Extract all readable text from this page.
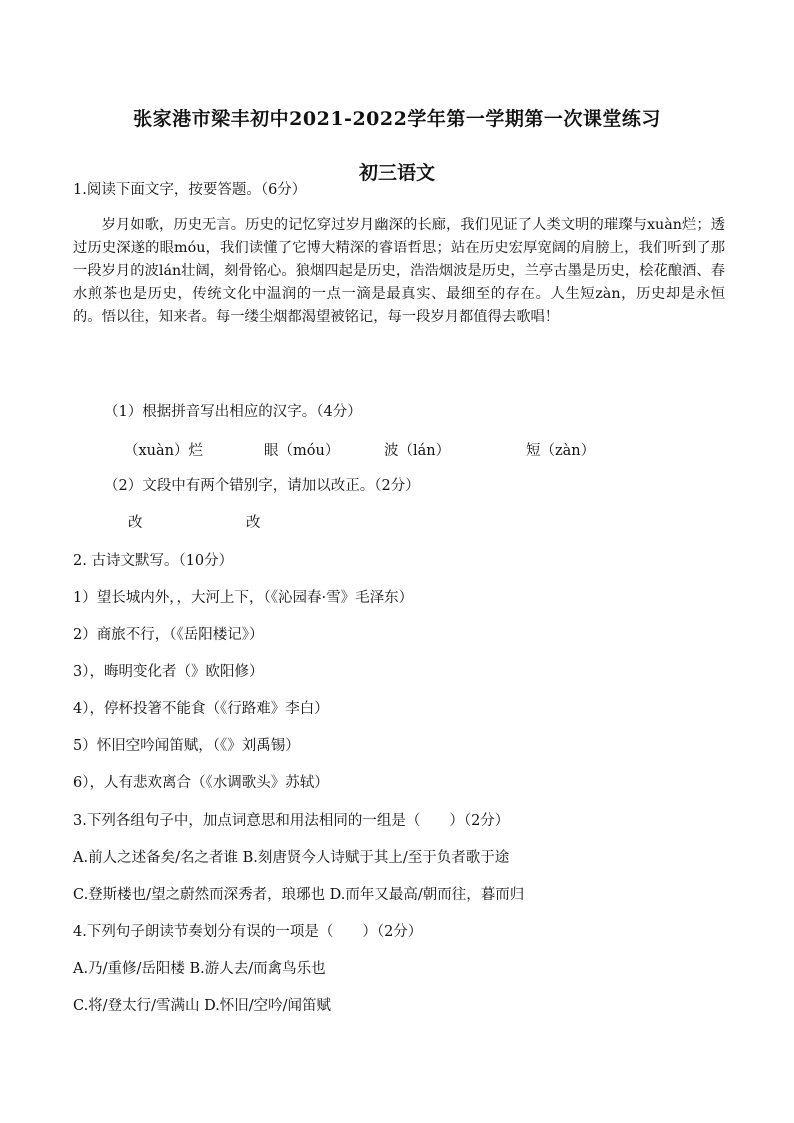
张家港市梁丰初中2021-2022学年第一学期第一次课堂练习
初三语文
1.阅读下面文字，按要答题。（6分）
岁月如歌，历史无言。历史的记忆穿过岁月幽深的长廊，我们见证了人类文明的璀璨与xuàn烂；透过历史深遂的眼móu，我们读懂了它博大精深的睿语哲思；站在历史宏厚宽阔的肩膀上，我们听到了那一段岁月的波lán壮阔，刻骨铭心。狼烟四起是历史，浩浩烟波是历史，兰亭古墨是历史，桧花酿酒、春水煎茶也是历史，传统文化中温润的一点一滴是最真实、最细至的存在。人生短zàn，历史却是永恒的。悟以往，知来者。每一缕尘烟都渴望被铭记，每一段岁月都值得去歌唱！
（1）根据拼音写出相应的汉字。（4分）
（xuàn）烂	眼（móu）	波（lán）	短（zàn）
（2）文段中有两个错别字，请加以改正。（2分）
改	改
2. 古诗文默写。（10分）
1）望长城内外，，大河上下，（《沁园春·雪》毛泽东）
2）商旅不行，（《岳阳楼记》）
3），晦明变化者（》欧阳修）
4），停杯投箸不能食（《行路难》李白）
5）怀旧空吟闻笛赋，（《》刘禹锡）
6），人有悲欢离合（《水调歌头》苏轼）
3.下列各组句子中，加点词意思和用法相同的一组是（　　）（2分）
A.前人之述备矣/名之者谁 B.刻唐贤今人诗赋于其上/至于负者歌于途
C.登斯楼也/望之蔚然而深秀者，琅琊也 D.而年又最高/朝而往，暮而归
4.下列句子朗读节奏划分有误的一项是（　　）（2分）
A.乃/重修/岳阳楼 B.游人去/而禽鸟乐也
C.将/登太行/雪满山 D.怀旧/空吟/闻笛赋
